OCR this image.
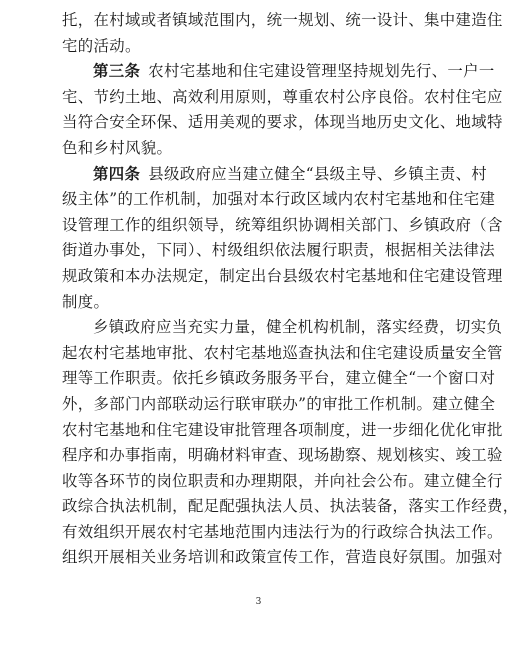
托，在村域或者镇域范围内，统一规划、统一设计、集中建造住
宅的活动。
第三条  农村宅基地和住宅建设管理坚持规划先行、一户一
宅、节约土地、高效利用原则，尊重农村公序良俗。农村住宅应
当符合安全环保、适用美观的要求，体现当地历史文化、地域特
色和乡村风貌。
第四条  县级政府应当建立健全“县级主导、乡镇主责、村
级主体”的工作机制，加强对本行政区域内农村宅基地和住宅建
设管理工作的组织领导，统筹组织协调相关部门、乡镇政府（含
街道办事处，下同）、村级组织依法履行职责，根据相关法律法
规政策和本办法规定，制定出台县级农村宅基地和住宅建设管理
制度。
乡镇政府应当充实力量，健全机构机制，落实经费，切实负
起农村宅基地审批、农村宅基地巡查执法和住宅建设质量安全管
理等工作职责。依托乡镇政务服务平台，建立健全“一个窗口对
外，多部门内部联动运行联审联办”的审批工作机制。建立健全
农村宅基地和住宅建设审批管理各项制度，进一步细化优化审批
程序和办事指南，明确材料审查、现场勘察、规划核实、竣工验
收等各环节的岗位职责和办理期限，并向社会公布。建立健全行
政综合执法机制，配足配强执法人员、执法装备，落实工作经费，
有效组织开展农村宅基地范围内违法行为的行政综合执法工作。
组织开展相关业务培训和政策宣传工作，营造良好氛围。加强对
3
